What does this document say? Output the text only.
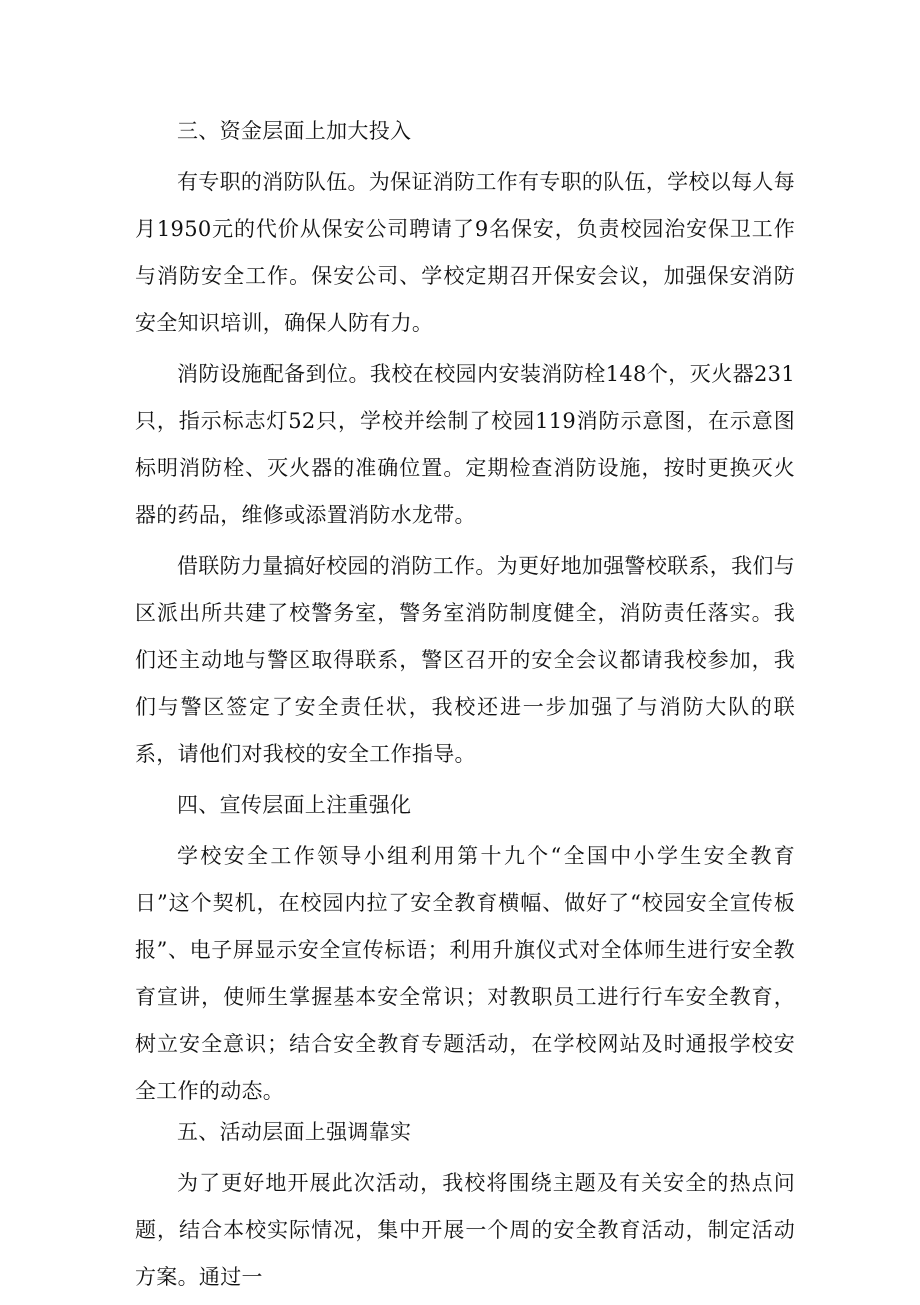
三、资金层面上加大投入

有专职的消防队伍。为保证消防工作有专职的队伍，学校以每人每月1950元的代价从保安公司聘请了9名保安，负责校园治安保卫工作与消防安全工作。保安公司、学校定期召开保安会议，加强保安消防安全知识培训，确保人防有力。

消防设施配备到位。我校在校园内安装消防栓148个，灭火器231只，指示标志灯52只，学校并绘制了校园119消防示意图，在示意图标明消防栓、灭火器的准确位置。定期检查消防设施，按时更换灭火器的药品，维修或添置消防水龙带。

借联防力量搞好校园的消防工作。为更好地加强警校联系，我们与区派出所共建了校警务室，警务室消防制度健全，消防责任落实。我们还主动地与警区取得联系，警区召开的安全会议都请我校参加，我们与警区签定了安全责任状，我校还进一步加强了与消防大队的联系，请他们对我校的安全工作指导。

四、宣传层面上注重强化

学校安全工作领导小组利用第十九个“全国中小学生安全教育日”这个契机，在校园内拉了安全教育横幅、做好了“校园安全宣传板报”、电子屏显示安全宣传标语；利用升旗仪式对全体师生进行安全教育宣讲，使师生掌握基本安全常识；对教职员工进行行车安全教育，树立安全意识；结合安全教育专题活动，在学校网站及时通报学校安全工作的动态。

五、活动层面上强调靠实

为了更好地开展此次活动，我校将围绕主题及有关安全的热点问题，结合本校实际情况，集中开展一个周的安全教育活动，制定活动方案。通过一
